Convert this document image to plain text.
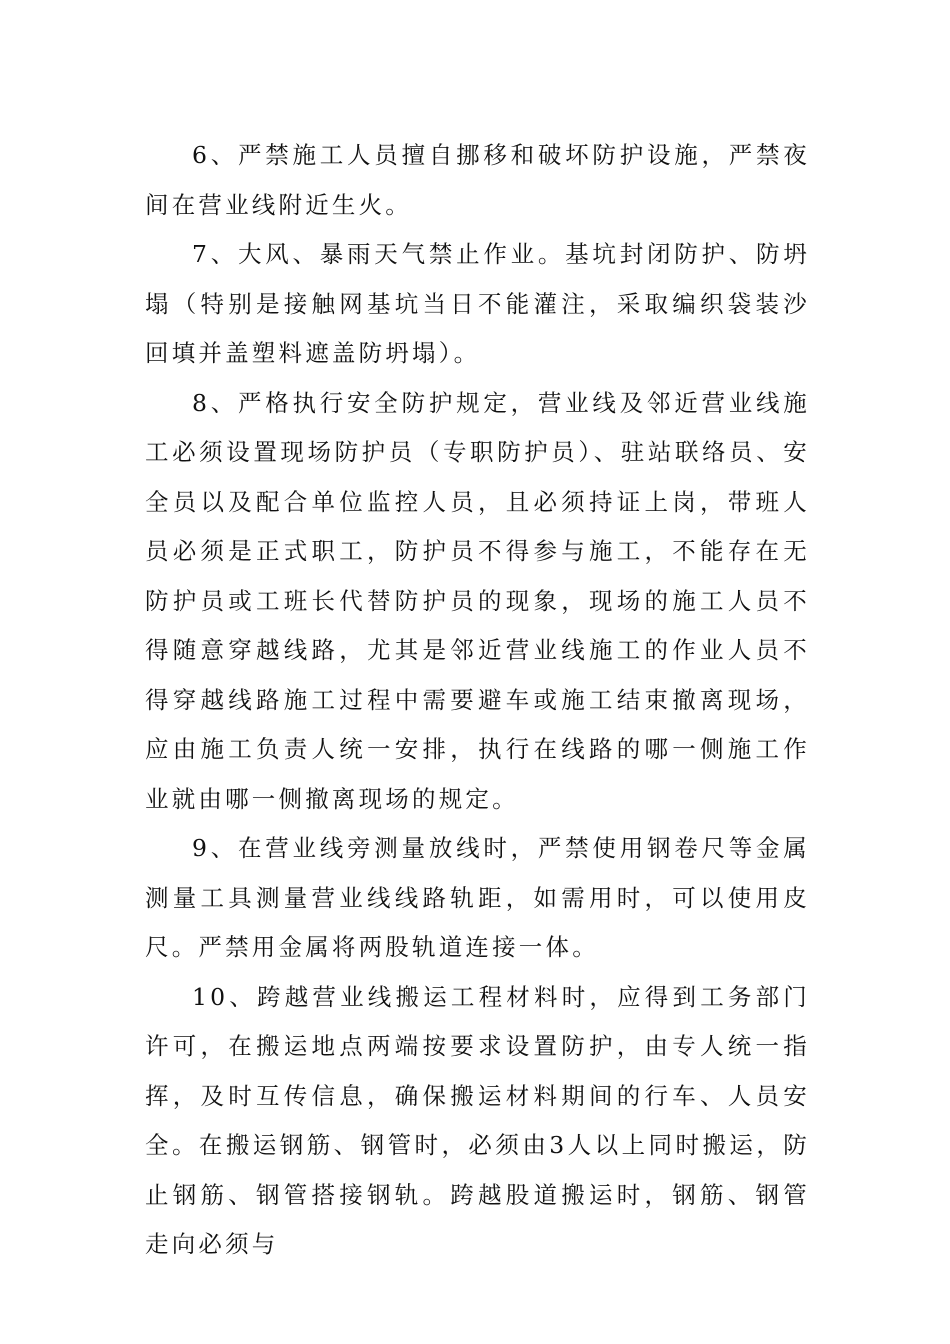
6、严禁施工人员擅自挪移和破坏防护设施，严禁夜间在营业线附近生火。

7、大风、暴雨天气禁止作业。基坑封闭防护、防坍塌（特别是接触网基坑当日不能灌注，采取编织袋装沙回填并盖塑料遮盖防坍塌）。

8、严格执行安全防护规定，营业线及邻近营业线施工必须设置现场防护员（专职防护员）、驻站联络员、安全员以及配合单位监控人员，且必须持证上岗，带班人员必须是正式职工，防护员不得参与施工，不能存在无防护员或工班长代替防护员的现象，现场的施工人员不得随意穿越线路，尤其是邻近营业线施工的作业人员不得穿越线路施工过程中需要避车或施工结束撤离现场，应由施工负责人统一安排，执行在线路的哪一侧施工作业就由哪一侧撤离现场的规定。

9、在营业线旁测量放线时，严禁使用钢卷尺等金属测量工具测量营业线线路轨距，如需用时，可以使用皮尺。严禁用金属将两股轨道连接一体。

10、跨越营业线搬运工程材料时，应得到工务部门许可，在搬运地点两端按要求设置防护，由专人统一指挥，及时互传信息，确保搬运材料期间的行车、人员安全。在搬运钢筋、钢管时，必须由3人以上同时搬运，防止钢筋、钢管搭接钢轨。跨越股道搬运时，钢筋、钢管走向必须与
